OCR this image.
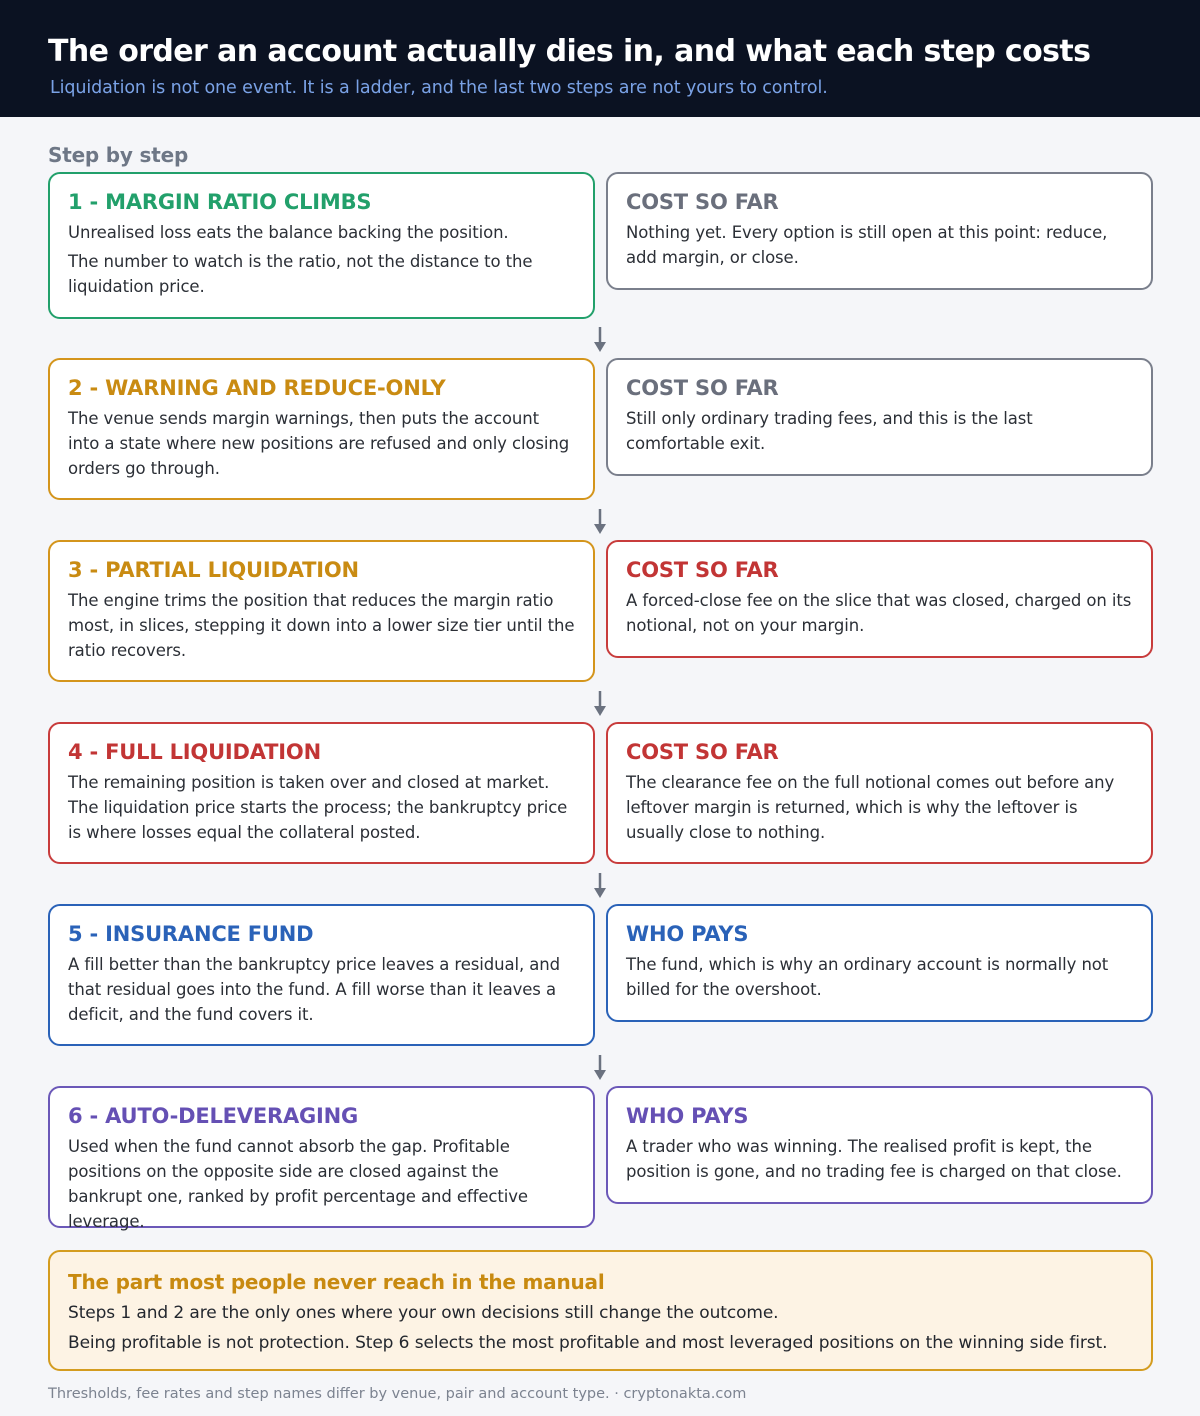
The order an account actually dies in, and what each step costs
Liquidation is not one event. It is a ladder, and the last two steps are not yours to control.
Step by step
1 - MARGIN RATIO CLIMBS
Unrealised loss eats the balance backing the position.
The number to watch is the ratio, not the distance to the liquidation price.
COST SO FAR
Nothing yet. Every option is still open at this point: reduce, add margin, or close.
2 - WARNING AND REDUCE-ONLY
The venue sends margin warnings, then puts the account into a state where new positions are refused and only closing orders go through.
COST SO FAR
Still only ordinary trading fees, and this is the last comfortable exit.
3 - PARTIAL LIQUIDATION
The engine trims the position that reduces the margin ratio most, in slices, stepping it down into a lower size tier until the ratio recovers.
COST SO FAR
A forced-close fee on the slice that was closed, charged on its notional, not on your margin.
4 - FULL LIQUIDATION
The remaining position is taken over and closed at market. The liquidation price starts the process; the bankruptcy price is where losses equal the collateral posted.
COST SO FAR
The clearance fee on the full notional comes out before any leftover margin is returned, which is why the leftover is usually close to nothing.
5 - INSURANCE FUND
A fill better than the bankruptcy price leaves a residual, and that residual goes into the fund. A fill worse than it leaves a deficit, and the fund covers it.
WHO PAYS
The fund, which is why an ordinary account is normally not billed for the overshoot.
6 - AUTO-DELEVERAGING
Used when the fund cannot absorb the gap. Profitable positions on the opposite side are closed against the bankrupt one, ranked by profit percentage and effective leverage.
WHO PAYS
A trader who was winning. The realised profit is kept, the position is gone, and no trading fee is charged on that close.
The part most people never reach in the manual
Steps 1 and 2 are the only ones where your own decisions still change the outcome.
Being profitable is not protection. Step 6 selects the most profitable and most leveraged positions on the winning side first.
Thresholds, fee rates and step names differ by venue, pair and account type. · cryptonakta.com
